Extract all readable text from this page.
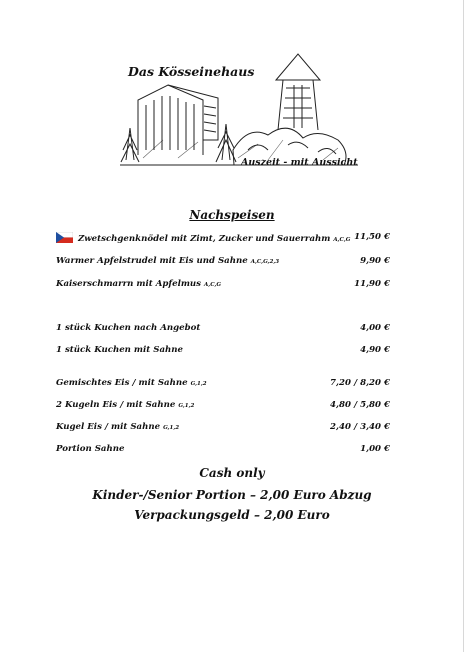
Das Kösseinehaus
Auszeit - mit Aussicht
Nachspeisen
Zwetschgenknödel mit Zimt, Zucker und Sauerrahm A,C,G 11,50 €
Warmer Apfelstrudel mit Eis und Sahne A,C,G,2,3	9,90 €
Kaiserschmarrn mit Apfelmus A,C,G	11,90 €
1 stück Kuchen nach Angebot	4,00 €
1 stück Kuchen mit Sahne	4,90 €
Gemischtes Eis / mit Sahne G,1,2	7,20 / 8,20 €
2 Kugeln Eis / mit Sahne G,1,2	4,80 / 5,80 €
Kugel Eis / mit Sahne G,1,2	2,40 / 3,40 €
Portion Sahne	1,00 €
Cash only
Kinder-/Senior Portion – 2,00 Euro Abzug
Verpackungsgeld – 2,00 Euro
